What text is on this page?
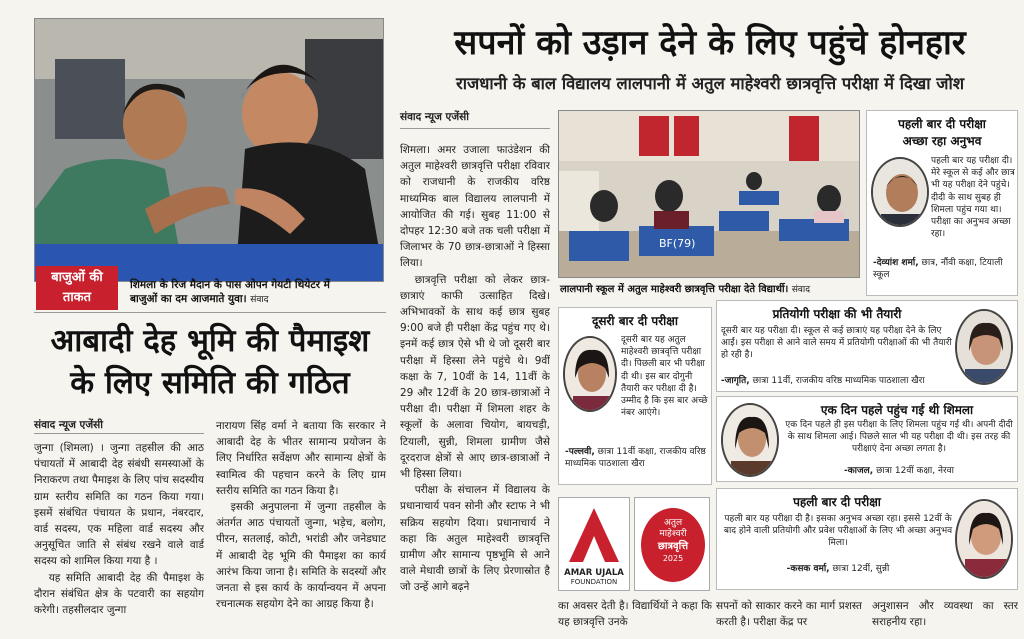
बाजुओं की
ताकत
शिमला के रिज मैदान के पास ओपन गेयटी थियेटर में
बाजुओं का दम आजमाते युवा। संवाद
आबादी देह भूमि की पैमाइश
के लिए समिति की गठित
संवाद न्यूज एजेंसी

जुन्गा (शिमला) । जुन्गा तहसील की आठ पंचायतों में आबादी देह संबंधी समस्याओं के निराकरण तथा पैमाइश के लिए पांच सदस्यीय ग्राम स्तरीय समिति का गठन किया गया। इसमें संबंधित पंचायत के प्रधान, नंबरदार, वार्ड सदस्य, एक महिला वार्ड सदस्य और अनुसूचित जाति से संबंध रखने वाले वार्ड सदस्य को शामिल किया गया है ।

यह समिति आबादी देह की पैमाइश के दौरान संबंधित क्षेत्र के पटवारी का सहयोग करेगी। तहसीलदार जुन्गा

नारायण सिंह वर्मा ने बताया कि सरकार ने आबादी देह के भीतर सामान्य प्रयोजन के लिए निर्धारित सर्वेक्षण और सामान्य क्षेत्रों के स्वामित्व की पहचान करने के लिए ग्राम स्तरीय समिति का गठन किया है।

इसकी अनुपालना में जुन्गा तहसील के अंतर्गत आठ पंचायतों जुन्गा, भड़ेच, बलोग, पीरन, सतलाई, कोटी, भरांडी और जनेडघाट में आबादी देह भूमि की पैमाइश का कार्य आरंभ किया जाना है। समिति के सदस्यों और जनता से इस कार्य के कार्यान्वयन में अपना रचनात्मक सहयोग देने का आग्रह किया है।

सपनों को उड़ान देने के लिए पहुंचे होनहार
राजधानी के बाल विद्यालय लालपानी में अतुल माहेश्वरी छात्रवृत्ति परीक्षा में दिखा जोश
संवाद न्यूज एजेंसी

शिमला। अमर उजाला फाउंडेशन की अतुल माहेश्वरी छात्रवृत्ति परीक्षा रविवार को राजधानी के राजकीय वरिष्ठ माध्यमिक बाल विद्यालय लालपानी में आयोजित की गई। सुबह 11:00 से दोपहर 12:30 बजे तक चली परीक्षा में जिलाभर के 70 छात्र-छात्राओं ने हिस्सा लिया।

छात्रवृत्ति परीक्षा को लेकर छात्र-छात्राएं काफी उत्साहित दिखे। अभिभावकों के साथ कई छात्र सुबह 9:00 बजे ही परीक्षा केंद्र पहुंच गए थे। इनमें कई छात्र ऐसे भी थे जो दूसरी बार परीक्षा में हिस्सा लेने पहुंचे थे। 9वीं कक्षा के 7, 10वीं के 14, 11वीं के 29 और 12वीं के 20 छात्र-छात्राओं ने परीक्षा दी। परीक्षा में शिमला शहर के स्कूलों के अलावा चियोग, बायचड़ी, टियाली, सुन्नी, शिमला ग्रामीण जैसे दूरदराज क्षेत्रों से आए छात्र-छात्राओं ने भी हिस्सा लिया।

परीक्षा के संचालन में विद्यालय के प्रधानाचार्य पवन सोनी और स्टाफ ने भी सक्रिय सहयोग दिया। प्रधानाचार्य ने कहा कि अतुल माहेश्वरी छात्रवृत्ति ग्रामीण और सामान्य पृष्ठभूमि से आने वाले मेधावी छात्रों के लिए प्रेरणास्रोत है जो उन्हें आगे बढ़ने

BF(79)
लालपानी स्कूल में अतुल माहेश्वरी छात्रवृत्ति परीक्षा देते विद्यार्थी। संवाद
पहली बार दी परीक्षा
अच्छा रहा अनुभव
पहली बार यह परीक्षा दी। मेरे स्कूल से कई और छात्र भी यह परीक्षा देने पहुंचे। दीदी के साथ सुबह ही शिमला पहुंच गया था। परीक्षा का अनुभव अच्छा रहा।
-देव्यांश शर्मा, छात्र, नौंवी कक्षा, टियाली स्कूल
दूसरी बार दी परीक्षा
दूसरी बार यह अतुल माहेश्वरी छात्रवृत्ति परीक्षा दी। पिछली बार भी परीक्षा दी थी। इस बार दोगुनी तैयारी कर परीक्षा दी है। उम्मीद है कि इस बार अच्छे नंबर आएंगे।
-पल्लवी, छात्रा 11वीं कक्षा, राजकीय वरिष्ठ माध्यमिक पाठशाला खैरा
प्रतियोगी परीक्षा की भी तैयारी
दूसरी बार यह परीक्षा दी। स्कूल से कई छात्राएं यह परीक्षा देने के लिए आईं। इस परीक्षा से आने वाले समय में प्रतियोगी परीक्षाओं की भी तैयारी हो रही है।
-जागृति, छात्रा 11वीं, राजकीय वरिष्ठ माध्यमिक पाठशाला खैरा
एक दिन पहले पहुंच गई थी शिमला
एक दिन पहले ही इस परीक्षा के लिए शिमला पहुंच गई थी। अपनी दीदी के साथ शिमला आई। पिछले साल भी यह परीक्षा दी थी। इस तरह की परीक्षाएं देना अच्छा लगता है।
-काजल, छात्रा 12वीं कक्षा, नेरवा
AMAR UJALA
FOUNDATION
अतुल
माहेश्वरी
छात्रवृत्ति
2025
पहली बार दी परीक्षा
पहली बार यह परीक्षा दी है। इसका अनुभव अच्छा रहा। इससे 12वीं के बाद होने वाली प्रतियोगी और प्रवेश परीक्षाओं के लिए भी अच्छा अनुभव मिला।
-कसक वर्मा, छात्रा 12वीं, सुन्नी

का अवसर देती है। विद्यार्थियों ने कहा कि यह छात्रवृत्ति उनके

सपनों को साकार करने का मार्ग प्रशस्त करती है। परीक्षा केंद्र पर

अनुशासन और व्यवस्था का स्तर सराहनीय रहा।
